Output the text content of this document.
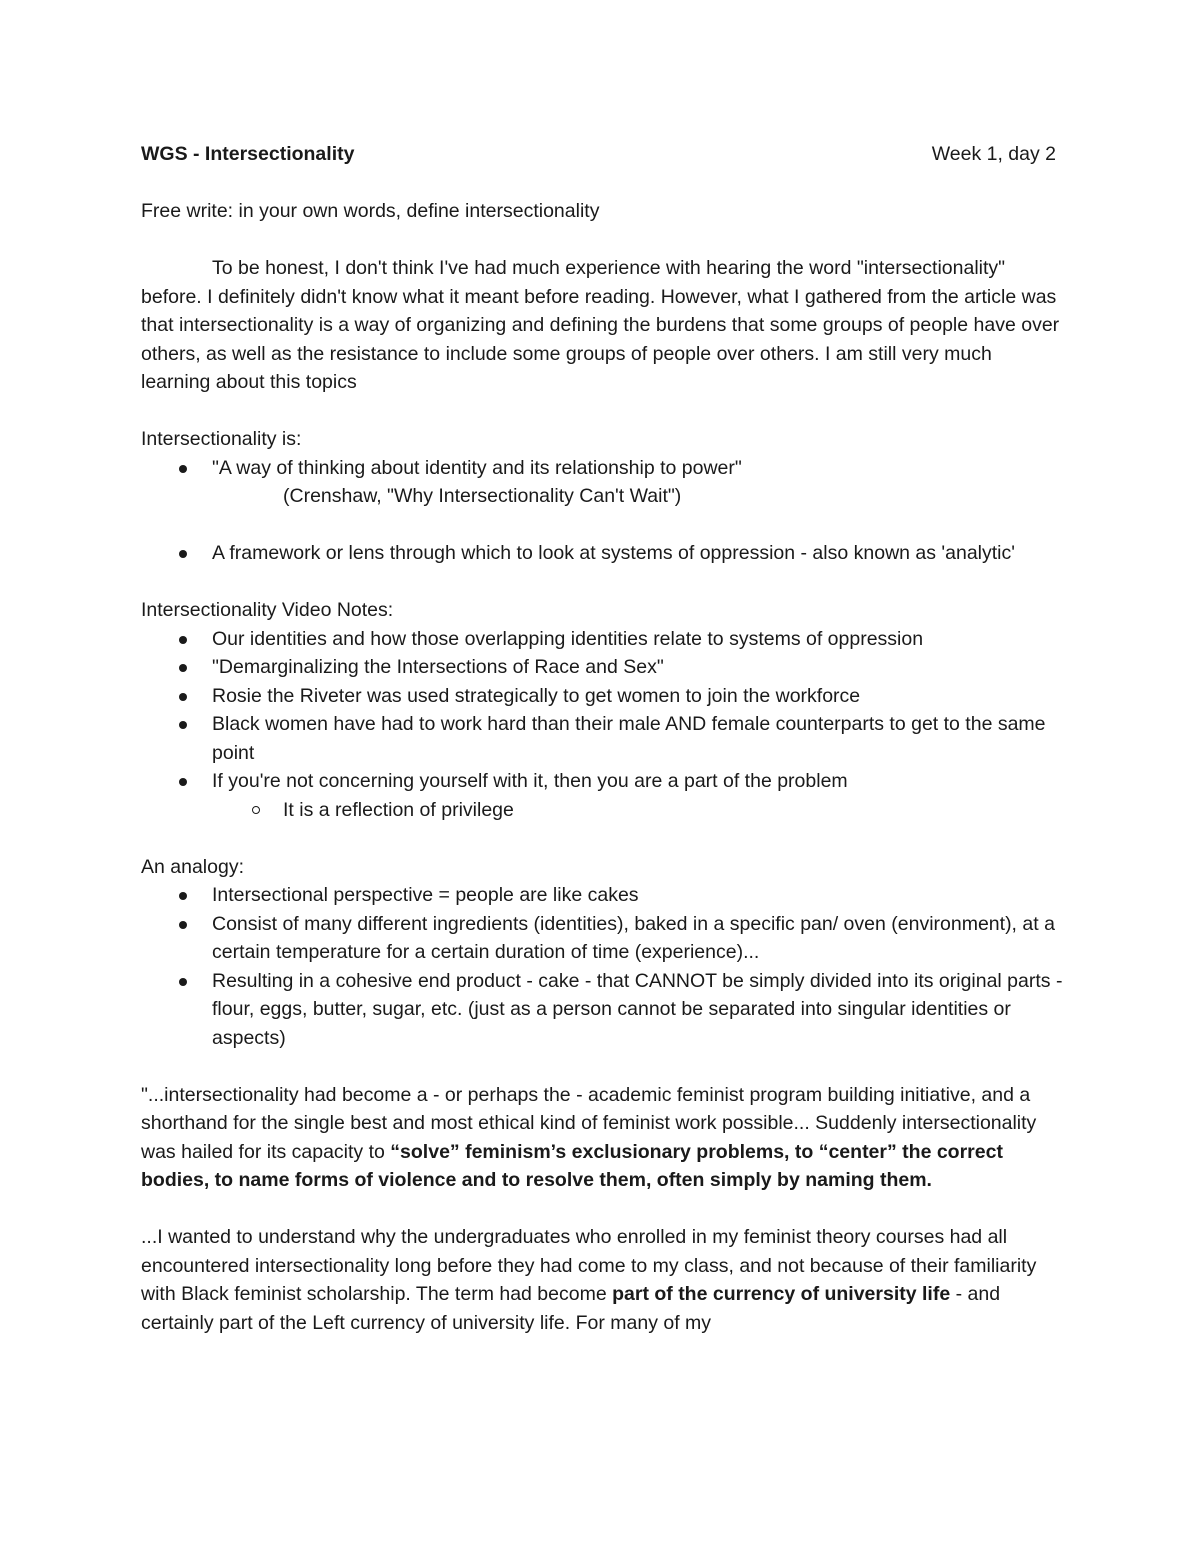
WGS - Intersectionality	Week 1, day 2

Free write: in your own words, define intersectionality

To be honest, I don't think I've had much experience with hearing the word "intersectionality" before. I definitely didn't know what it meant before reading. However, what I gathered from the article was that intersectionality is a way of organizing and defining the burdens that some groups of people have over others, as well as the resistance to include some groups of people over others. I am still very much learning about this topics

Intersectionality is:

"A way of thinking about identity and its relationship to power"
(Crenshaw, "Why Intersectionality Can't Wait")
A framework or lens through which to look at systems of oppression - also known as 'analytic'

Intersectionality Video Notes:

Our identities and how those overlapping identities relate to systems of oppression
"Demarginalizing the Intersections of Race and Sex"
Rosie the Riveter was used strategically to get women to join the workforce
Black women have had to work hard than their male AND female counterparts to get to the same point
If you're not concerning yourself with it, then you are a part of the problem
It is a reflection of privilege

An analogy:

Intersectional perspective = people are like cakes
Consist of many different ingredients (identities), baked in a specific pan/ oven (environment), at a certain temperature for a certain duration of time (experience)...
Resulting in a cohesive end product - cake - that CANNOT be simply divided into its original parts - flour, eggs, butter, sugar, etc. (just as a person cannot be separated into singular identities or aspects)

"...intersectionality had become a - or perhaps the - academic feminist program building initiative, and a shorthand for the single best and most ethical kind of feminist work possible... Suddenly intersectionality was hailed for its capacity to “solve” feminism’s exclusionary problems, to “center” the correct bodies, to name forms of violence and to resolve them, often simply by naming them.

...I wanted to understand why the undergraduates who enrolled in my feminist theory courses had all encountered intersectionality long before they had come to my class, and not because of their familiarity with Black feminist scholarship. The term had become part of the currency of university life - and certainly part of the Left currency of university life. For many of my
